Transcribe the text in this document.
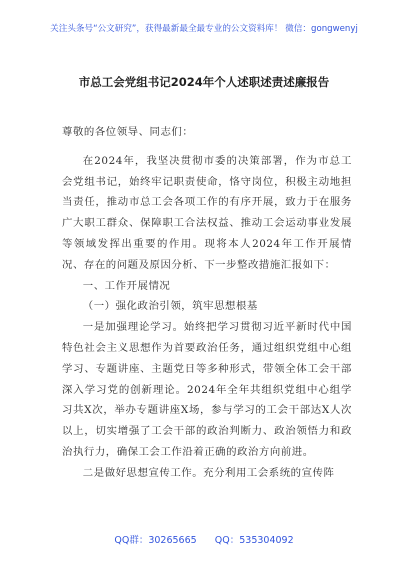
关注头条号“公文研究”，获得最新最全最专业的公文资料库！ 微信：gongwenyj
市总工会党组书记2024年个人述职述责述廉报告

尊敬的各位领导、同志们：

在2024年，我坚决贯彻市委的决策部署，作为市总工会党组书记，始终牢记职责使命，恪守岗位，积极主动地担当责任，推动市总工会各项工作的有序开展，致力于在服务广大职工群众、保障职工合法权益、推动工会运动事业发展等领域发挥出重要的作用。现将本人2024年工作开展情况、存在的问题及原因分析、下一步整改措施汇报如下：

一、工作开展情况

（一）强化政治引领，筑牢思想根基

一是加强理论学习。始终把学习贯彻习近平新时代中国特色社会主义思想作为首要政治任务，通过组织党组中心组学习、专题讲座、主题党日等多种形式，带领全体工会干部深入学习党的创新理论。2024年全年共组织党组中心组学习共X次，举办专题讲座X场，参与学习的工会干部达X人次以上，切实增强了工会干部的政治判断力、政治领悟力和政治执行力，确保工会工作沿着正确的政治方向前进。

二是做好思想宣传工作。充分利用工会系统的宣传阵

QQ群：30265665      QQ：535304092
